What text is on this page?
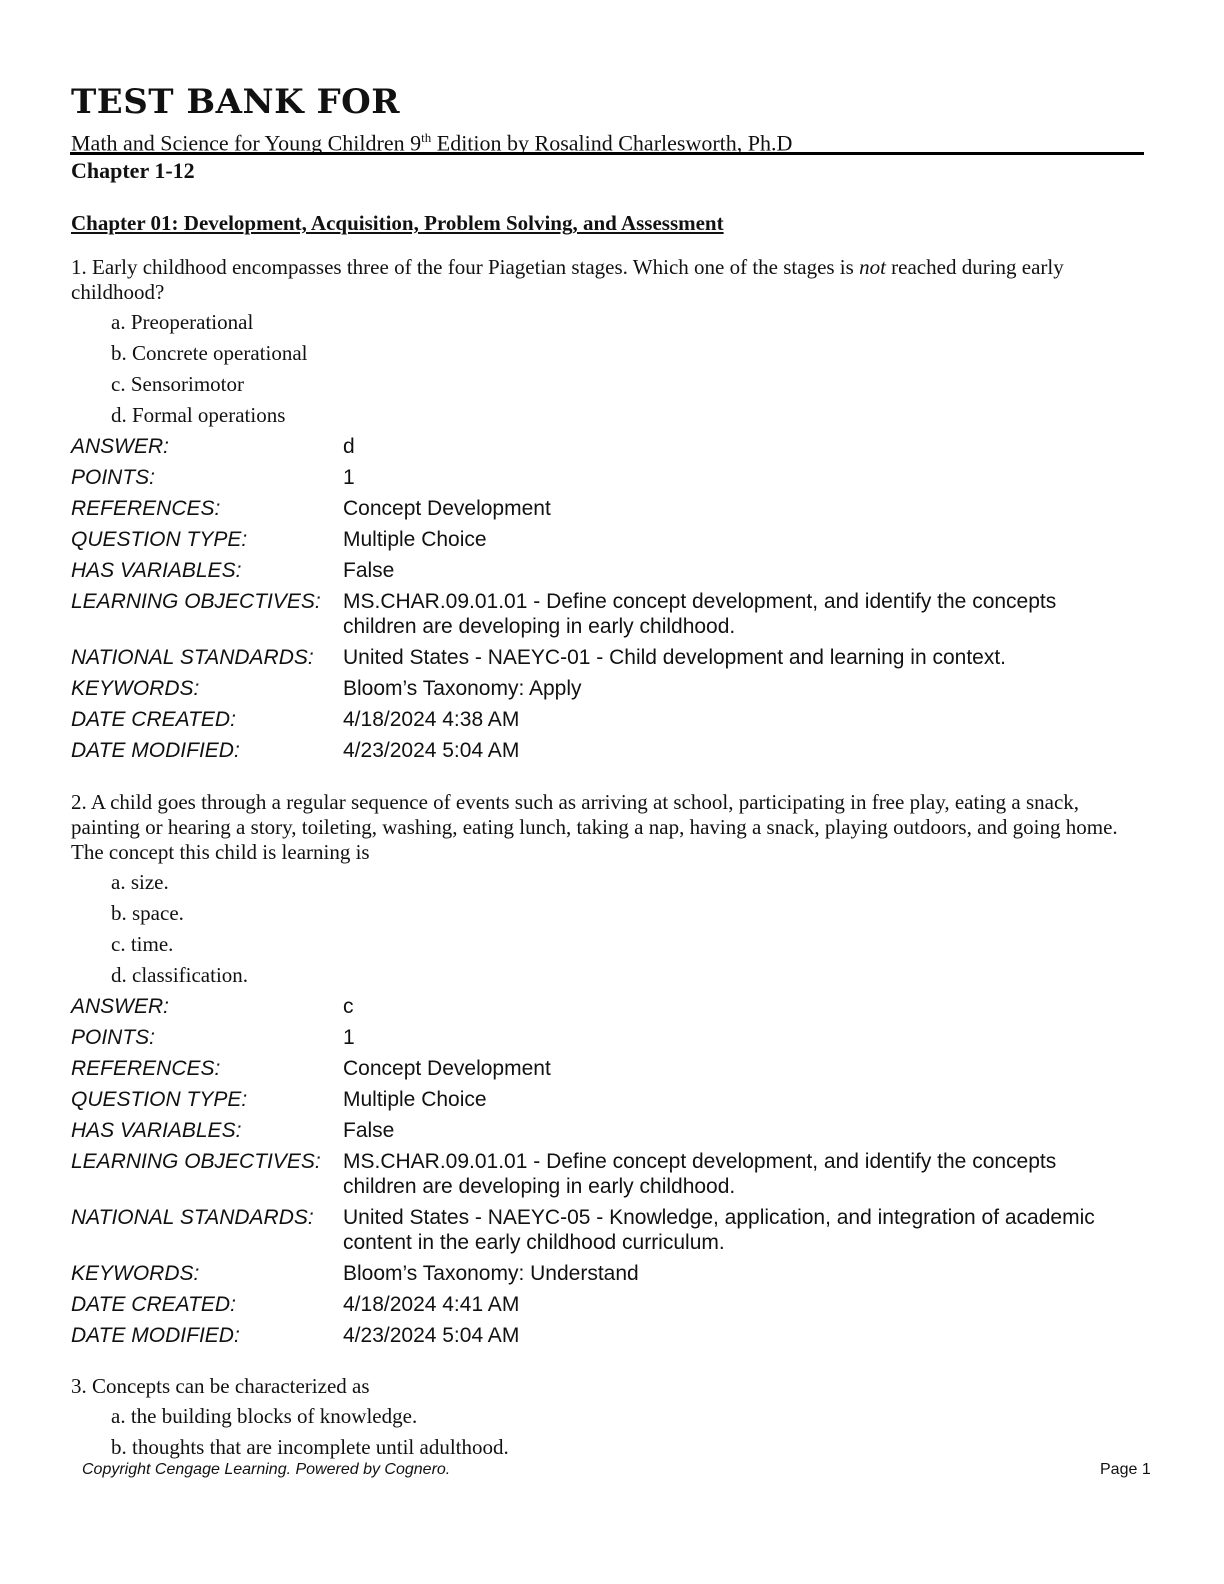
TEST BANK FOR
Math and Science for Young Children 9th Edition by Rosalind Charlesworth, Ph.D
Chapter 1-12
Chapter 01: Development, Acquisition, Problem Solving, and Assessment

1. Early childhood encompasses three of the four Piagetian stages. Which one of the stages is not reached during early childhood?

a. Preoperational
b. Concrete operational
c. Sensorimotor
d. Formal operations
ANSWER:	d
POINTS:	1
REFERENCES:	Concept Development
QUESTION TYPE:	Multiple Choice
HAS VARIABLES:	False
LEARNING OBJECTIVES:	MS.CHAR.09.01.01 - Define concept development, and identify the concepts children are developing in early childhood.
NATIONAL STANDARDS:	United States - NAEYC-01 - Child development and learning in context.
KEYWORDS:	Bloom’s Taxonomy: Apply
DATE CREATED:	4/18/2024 4:38 AM
DATE MODIFIED:	4/23/2024 5:04 AM

2. A child goes through a regular sequence of events such as arriving at school, participating in free play, eating a snack, painting or hearing a story, toileting, washing, eating lunch, taking a nap, having a snack, playing outdoors, and going home. The concept this child is learning is

a. size.
b. space.
c. time.
d. classification.
ANSWER:	c
POINTS:	1
REFERENCES:	Concept Development
QUESTION TYPE:	Multiple Choice
HAS VARIABLES:	False
LEARNING OBJECTIVES:	MS.CHAR.09.01.01 - Define concept development, and identify the concepts children are developing in early childhood.
NATIONAL STANDARDS:	United States - NAEYC-05 - Knowledge, application, and integration of academic content in the early childhood curriculum.
KEYWORDS:	Bloom’s Taxonomy: Understand
DATE CREATED:	4/18/2024 4:41 AM
DATE MODIFIED:	4/23/2024 5:04 AM

3. Concepts can be characterized as

a. the building blocks of knowledge.
b. thoughts that are incomplete until adulthood.
Copyright Cengage Learning. Powered by Cognero.	Page 1
